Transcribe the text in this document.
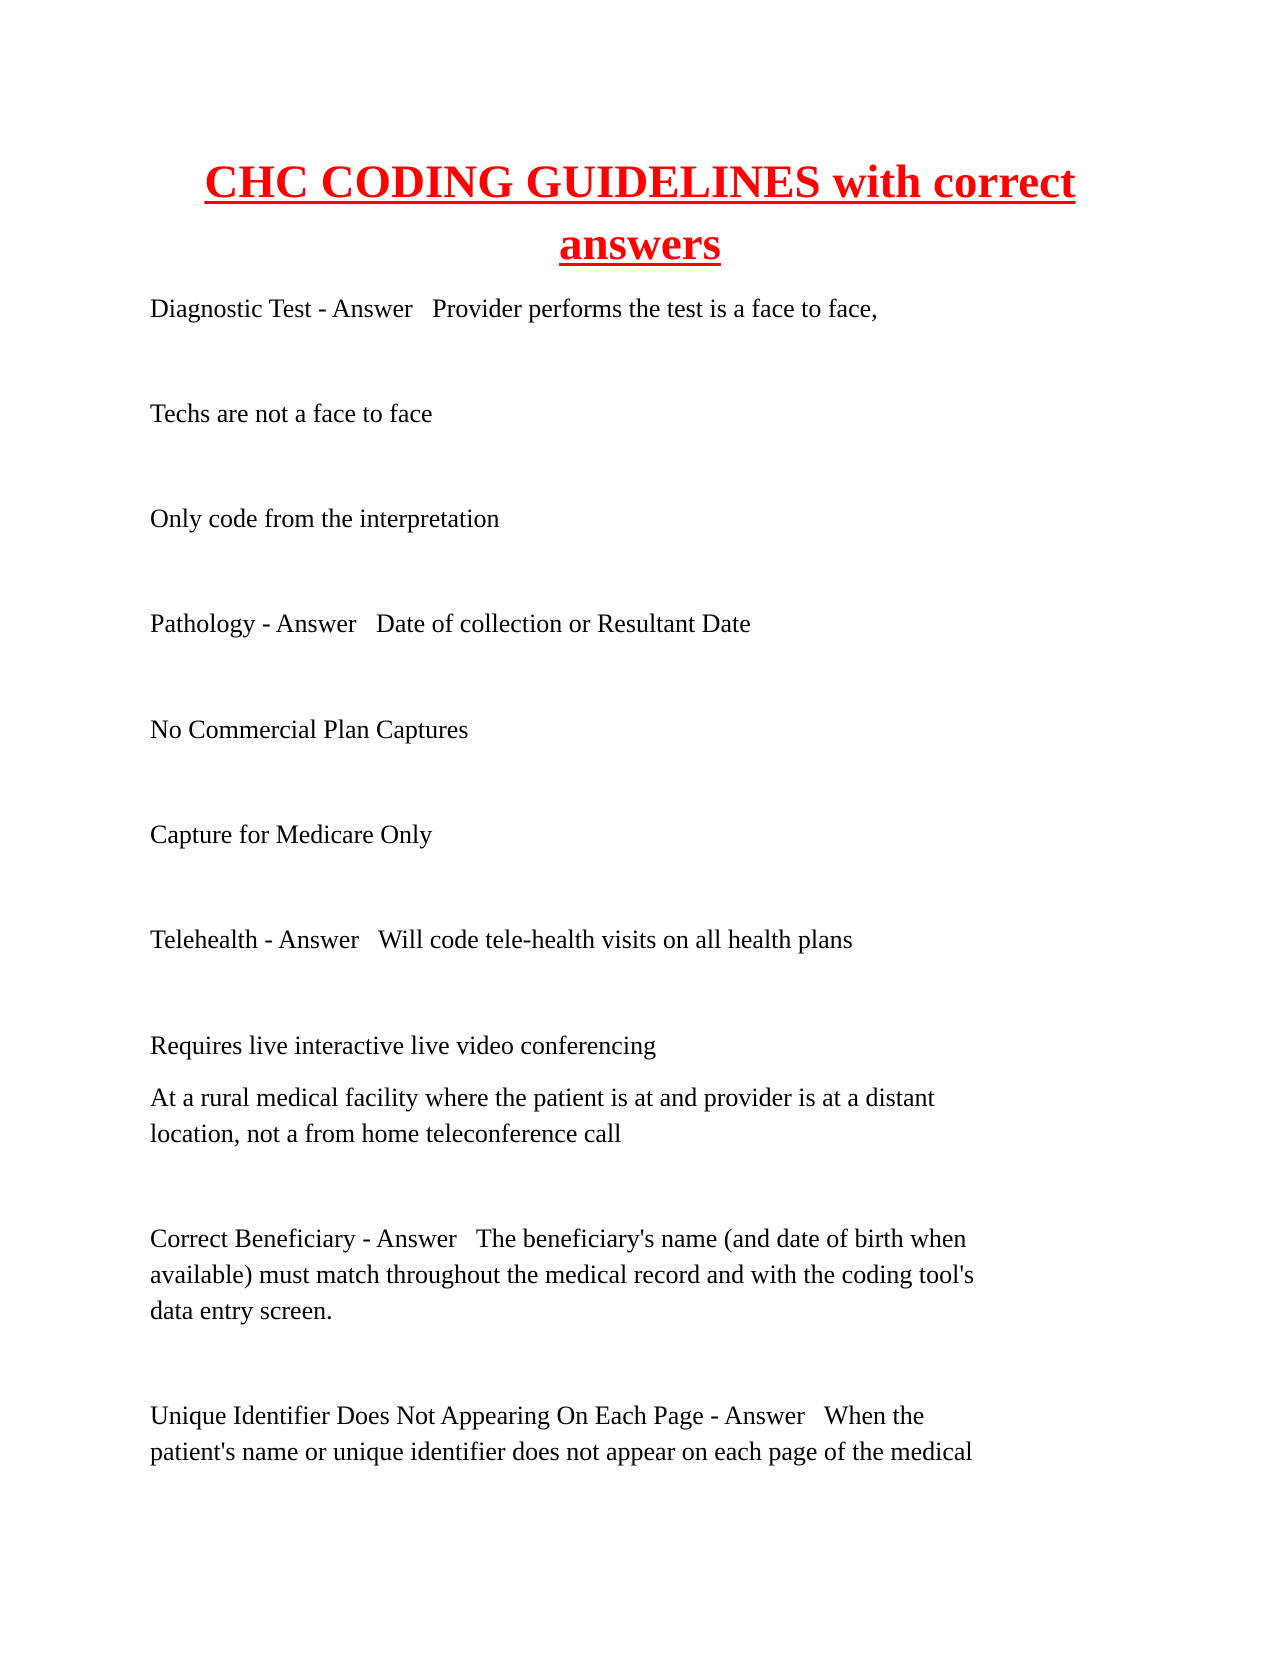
CHC CODING GUIDELINES with correct
answers

Diagnostic Test - Answer   Provider performs the test is a face to face,

Techs are not a face to face

Only code from the interpretation

Pathology - Answer   Date of collection or Resultant Date

No Commercial Plan Captures

Capture for Medicare Only

Telehealth - Answer   Will code tele-health visits on all health plans

Requires live interactive live video conferencing

At a rural medical facility where the patient is at and provider is at a distant

location, not a from home teleconference call

Correct Beneficiary - Answer   The beneficiary's name (and date of birth when

available) must match throughout the medical record and with the coding tool's

data entry screen.

Unique Identifier Does Not Appearing On Each Page - Answer   When the

patient's name or unique identifier does not appear on each page of the medical
